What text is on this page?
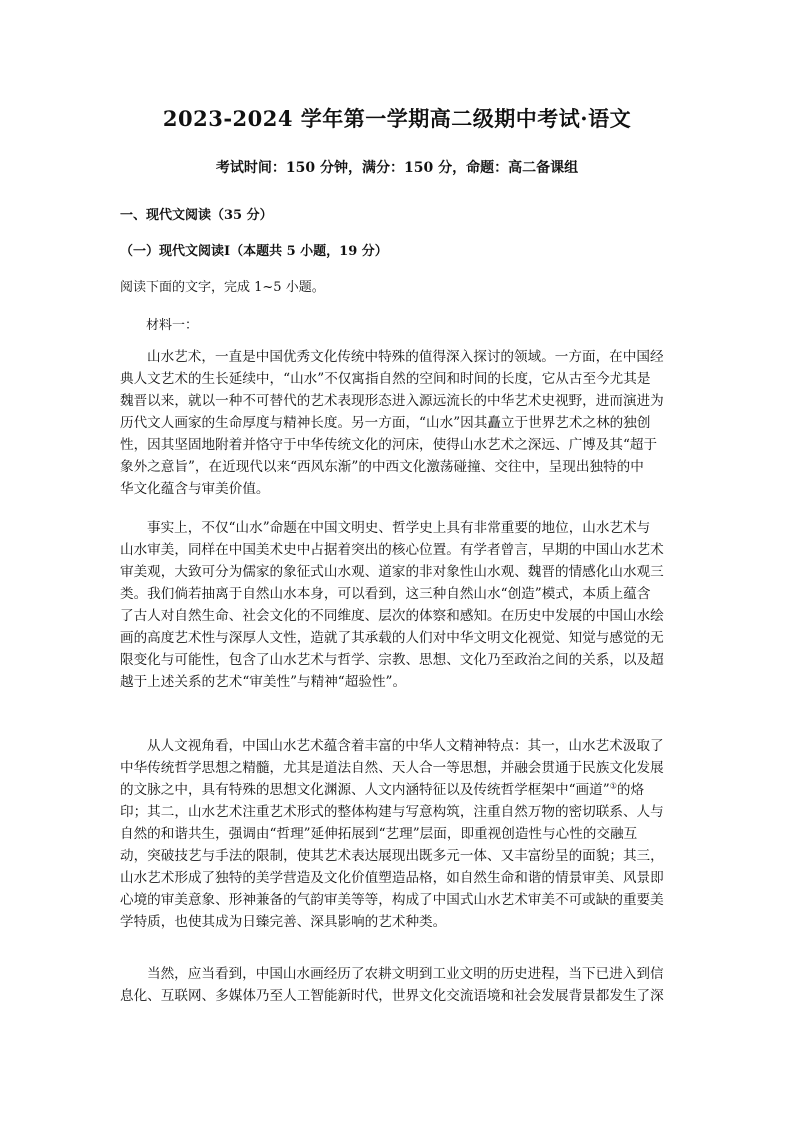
2023-2024 学年第一学期高二级期中考试·语文
考试时间：150 分钟，满分：150 分，命题：高二备课组
一、现代文阅读（35 分）
（一）现代文阅读Ⅰ（本题共 5 小题，19 分）
阅读下面的文字，完成 1~5 小题。
材料一：
山水艺术，一直是中国优秀文化传统中特殊的值得深入探讨的领域。一方面，在中国经
典人文艺术的生长延续中，“山水”不仅寓指自然的空间和时间的长度，它从古至今尤其是
魏晋以来，就以一种不可替代的艺术表现形态进入源远流长的中华艺术史视野，进而演进为
历代文人画家的生命厚度与精神长度。另一方面，“山水”因其矗立于世界艺术之林的独创
性，因其坚固地附着并恪守于中华传统文化的河床，使得山水艺术之深远、广博及其“超于
象外之意旨”，在近现代以来“西风东渐”的中西文化激荡碰撞、交往中，呈现出独特的中
华文化蕴含与审美价值。
事实上，不仅“山水”命题在中国文明史、哲学史上具有非常重要的地位，山水艺术与
山水审美，同样在中国美术史中占据着突出的核心位置。有学者曾言，早期的中国山水艺术
审美观，大致可分为儒家的象征式山水观、道家的非对象性山水观、魏晋的情感化山水观三
类。我们倘若抽离于自然山水本身，可以看到，这三种自然山水“创造”模式，本质上蕴含
了古人对自然生命、社会文化的不同维度、层次的体察和感知。在历史中发展的中国山水绘
画的高度艺术性与深厚人文性，造就了其承载的人们对中华文明文化视觉、知觉与感觉的无
限变化与可能性，包含了山水艺术与哲学、宗教、思想、文化乃至政治之间的关系，以及超
越于上述关系的艺术“审美性”与精神“超验性”。
从人文视角看，中国山水艺术蕴含着丰富的中华人文精神特点：其一，山水艺术汲取了
中华传统哲学思想之精髓，尤其是道法自然、天人合一等思想，并融会贯通于民族文化发展
的文脉之中，具有特殊的思想文化渊源、人文内涵特征以及传统哲学框架中“画道”①的烙
印；其二，山水艺术注重艺术形式的整体构建与写意构筑，注重自然万物的密切联系、人与
自然的和谐共生，强调由“哲理”延伸拓展到“艺理”层面，即重视创造性与心性的交融互
动，突破技艺与手法的限制，使其艺术表达展现出既多元一体、又丰富纷呈的面貌；其三，
山水艺术形成了独特的美学营造及文化价值塑造品格，如自然生命和谐的情景审美、风景即
心境的审美意象、形神兼备的气韵审美等等，构成了中国式山水艺术审美不可或缺的重要美
学特质，也使其成为日臻完善、深具影响的艺术种类。
当然，应当看到，中国山水画经历了农耕文明到工业文明的历史进程，当下已进入到信
息化、互联网、多媒体乃至人工智能新时代，世界文化交流语境和社会发展背景都发生了深
